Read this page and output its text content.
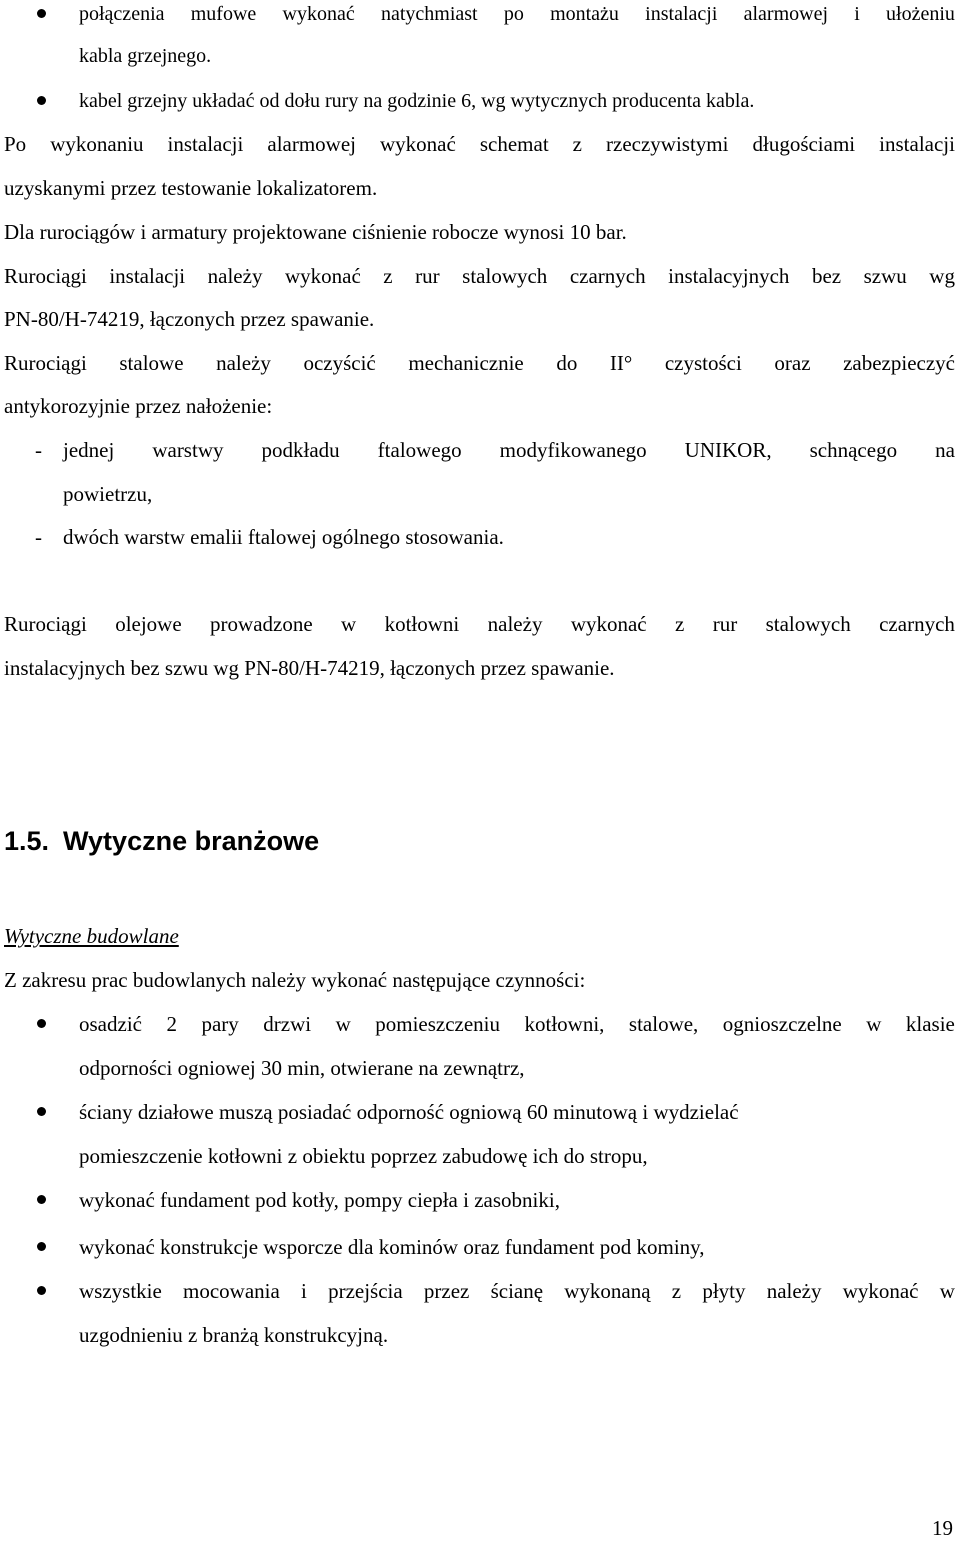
połączenia mufowe wykonać natychmiast po montażu instalacji alarmowej i ułożeniu
kabla grzejnego.
kabel grzejny układać od dołu rury na godzinie 6, wg wytycznych producenta kabla.
Po wykonaniu instalacji alarmowej wykonać schemat z rzeczywistymi długościami instalacji
uzyskanymi przez testowanie lokalizatorem.
Dla rurociągów i armatury projektowane ciśnienie robocze wynosi 10 bar.
Rurociągi instalacji należy wykonać z rur stalowych czarnych instalacyjnych bez szwu wg
PN-80/H-74219, łączonych przez spawanie.
Rurociągi stalowe należy oczyścić mechanicznie do II° czystości oraz zabezpieczyć
antykorozyjnie przez nałożenie:
- jednej warstwy podkładu ftalowego modyfikowanego UNIKOR, schnącego na
powietrzu,
- dwóch warstw emalii ftalowej ogólnego stosowania.
Rurociągi olejowe prowadzone w kotłowni należy wykonać z rur stalowych czarnych
instalacyjnych bez szwu wg PN-80/H-74219, łączonych przez spawanie.
1.5. Wytyczne branżowe
Wytyczne budowlane
Z zakresu prac budowlanych należy wykonać następujące czynności:
osadzić 2 pary drzwi w pomieszczeniu kotłowni, stalowe, ognioszczelne w klasie
odporności ogniowej 30 min, otwierane na zewnątrz,
ściany działowe muszą posiadać odporność ogniową 60 minutową i wydzielać
pomieszczenie kotłowni z obiektu poprzez zabudowę ich do stropu,
wykonać fundament pod kotły, pompy ciepła i zasobniki,
wykonać konstrukcje wsporcze dla kominów oraz fundament pod kominy,
wszystkie mocowania i przejścia przez ścianę wykonaną z płyty należy wykonać w
uzgodnieniu z branżą konstrukcyjną.
19
